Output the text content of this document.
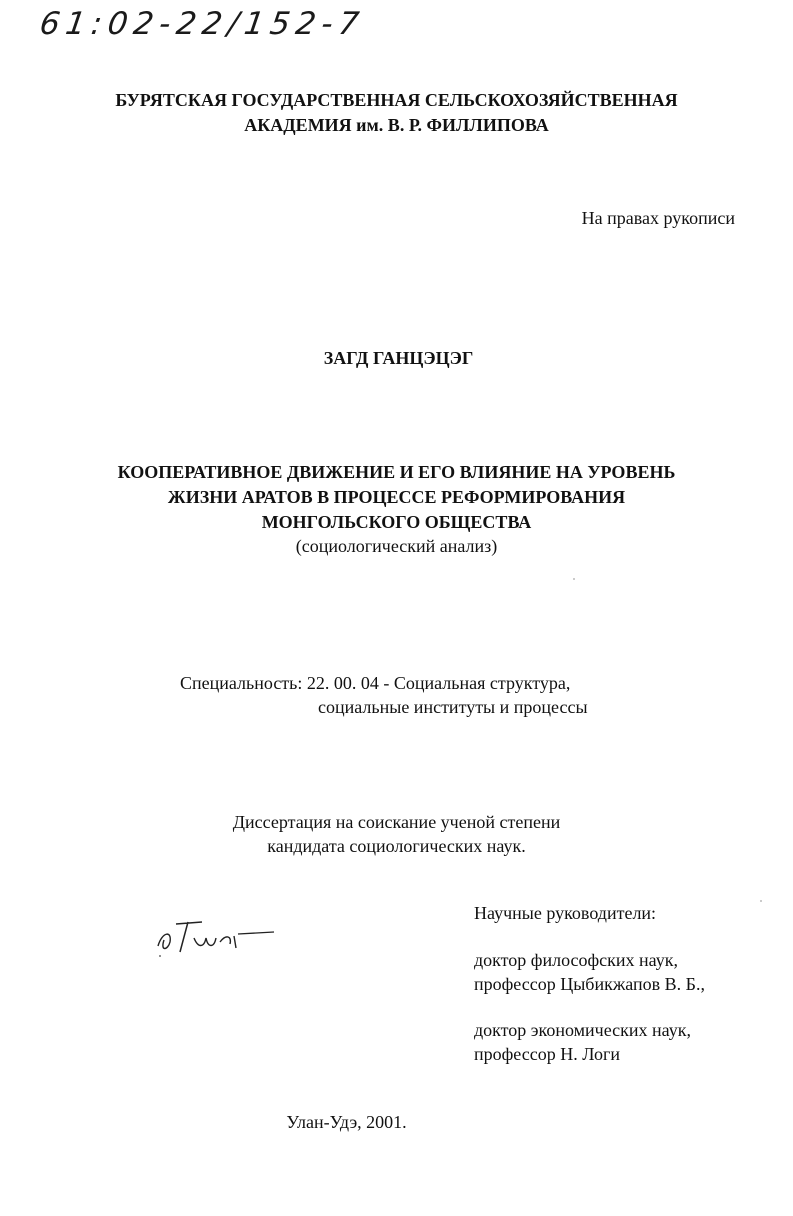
61:02-22/152-7
БУРЯТСКАЯ ГОСУДАРСТВЕННАЯ СЕЛЬСКОХОЗЯЙСТВЕННАЯ
АКАДЕМИЯ им. В. Р. ФИЛЛИПОВА
На правах рукописи
ЗАГД ГАНЦЭЦЭГ
КООПЕРАТИВНОЕ ДВИЖЕНИЕ И ЕГО ВЛИЯНИЕ НА УРОВЕНЬ
ЖИЗНИ АРАТОВ В ПРОЦЕССЕ РЕФОРМИРОВАНИЯ
МОНГОЛЬСКОГО ОБЩЕСТВА
(социологический анализ)
Специальность: 22. 00. 04 - Социальная структура,
социальные институты и процессы
Диссертация на соискание ученой степени
кандидата социологических наук.
Научные руководители:
доктор философских наук,
профессор Цыбикжапов В. Б.,
доктор экономических наук,
профессор Н. Логи
Улан-Удэ, 2001.
